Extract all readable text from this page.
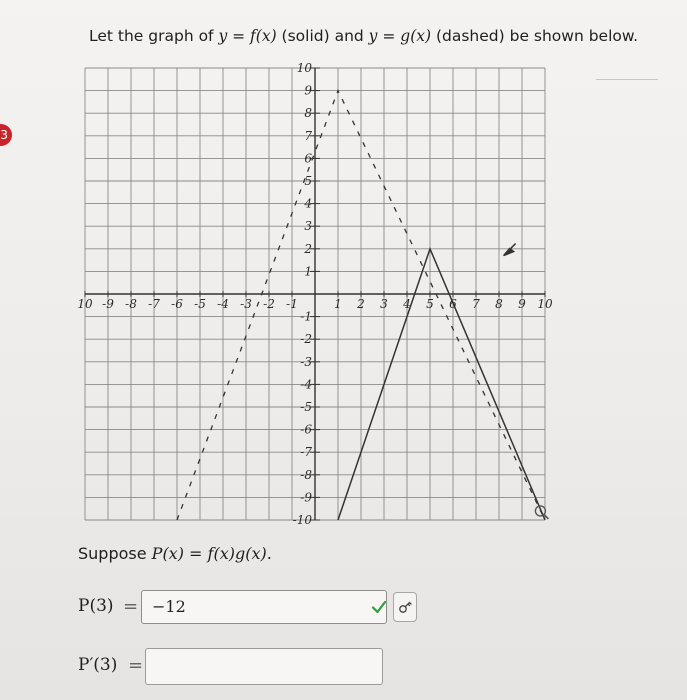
3
Let the graph of y = f(x) (solid) and y = g(x) (dashed) be shown below.
10 -9 -8 -7 -6 -5 -4 -3 -2 -1	1 2 3 4 5 6 7 8 9 10
10
9
8
7
6
5
4
3
2
1
-1
-2
-3
-4
-5
-6
-7
-8
-9
-10
Suppose P(x) = f(x)g(x).
P(3) = −12
P′(3) =
